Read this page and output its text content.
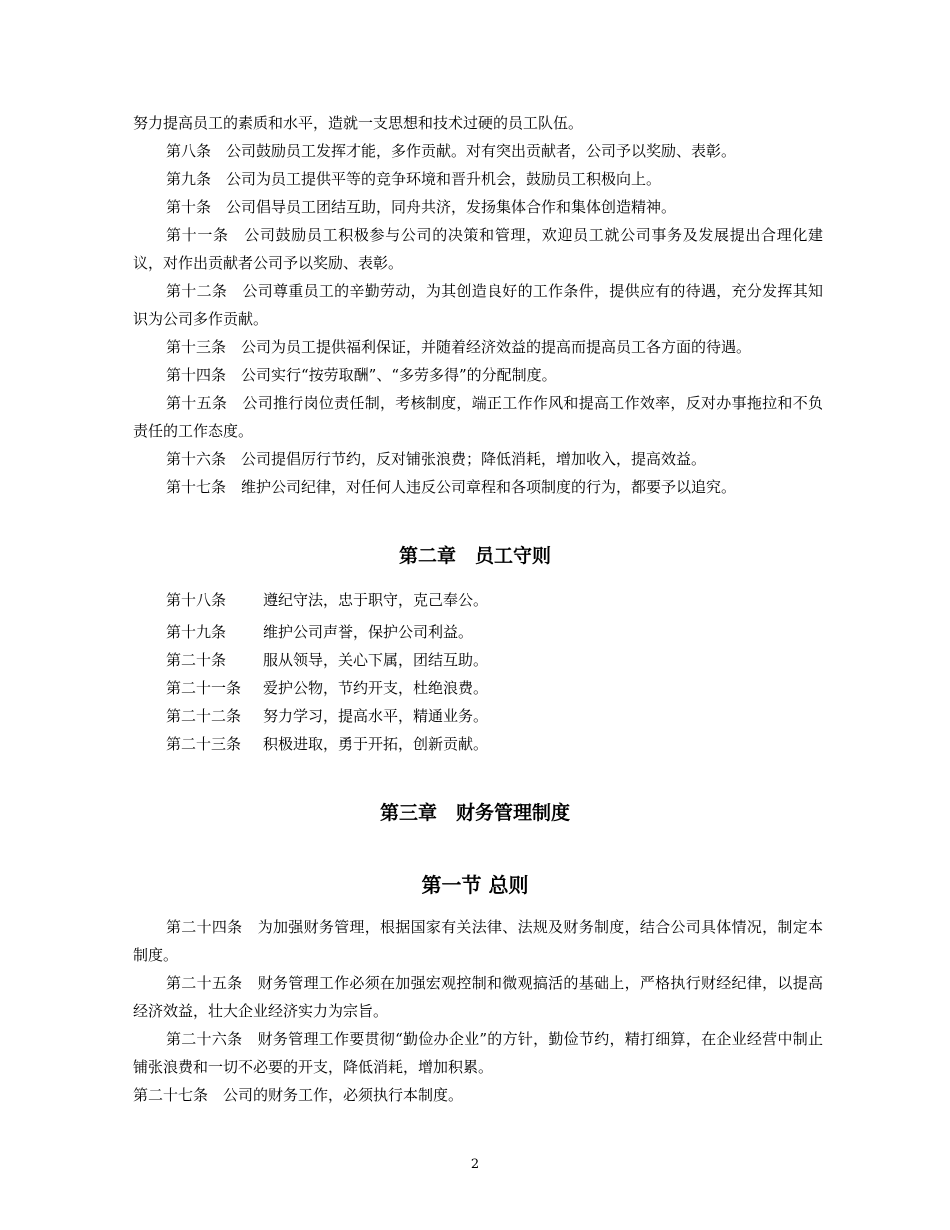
努力提高员工的素质和水平，造就一支思想和技术过硬的员工队伍。

第八条　公司鼓励员工发挥才能，多作贡献。对有突出贡献者，公司予以奖励、表彰。

第九条　公司为员工提供平等的竞争环境和晋升机会，鼓励员工积极向上。

第十条　公司倡导员工团结互助，同舟共济，发扬集体合作和集体创造精神。

第十一条　公司鼓励员工积极参与公司的决策和管理，欢迎员工就公司事务及发展提出合理化建议，对作出贡献者公司予以奖励、表彰。

第十二条　公司尊重员工的辛勤劳动，为其创造良好的工作条件，提供应有的待遇，充分发挥其知识为公司多作贡献。

第十三条　公司为员工提供福利保证，并随着经济效益的提高而提高员工各方面的待遇。

第十四条　公司实行“按劳取酬”、“多劳多得”的分配制度。

第十五条　公司推行岗位责任制，考核制度，端正工作作风和提高工作效率，反对办事拖拉和不负责任的工作态度。

第十六条　公司提倡厉行节约，反对铺张浪费；降低消耗，增加收入，提高效益。

第十七条　维护公司纪律，对任何人违反公司章程和各项制度的行为，都要予以追究。

第二章　员工守则
第十八条 遵纪守法，忠于职守，克己奉公。
第十九条 维护公司声誉，保护公司利益。
第二十条 服从领导，关心下属，团结互助。
第二十一条 爱护公物，节约开支，杜绝浪费。
第二十二条 努力学习，提高水平，精通业务。
第二十三条 积极进取，勇于开拓，创新贡献。
第三章　财务管理制度
第一节 总则

第二十四条　为加强财务管理，根据国家有关法律、法规及财务制度，结合公司具体情况，制定本制度。

第二十五条　财务管理工作必须在加强宏观控制和微观搞活的基础上，严格执行财经纪律，以提高经济效益，壮大企业经济实力为宗旨。

第二十六条　财务管理工作要贯彻“勤俭办企业”的方针，勤俭节约，精打细算，在企业经营中制止铺张浪费和一切不必要的开支，降低消耗，增加积累。

第二十七条　公司的财务工作，必须执行本制度。

2
